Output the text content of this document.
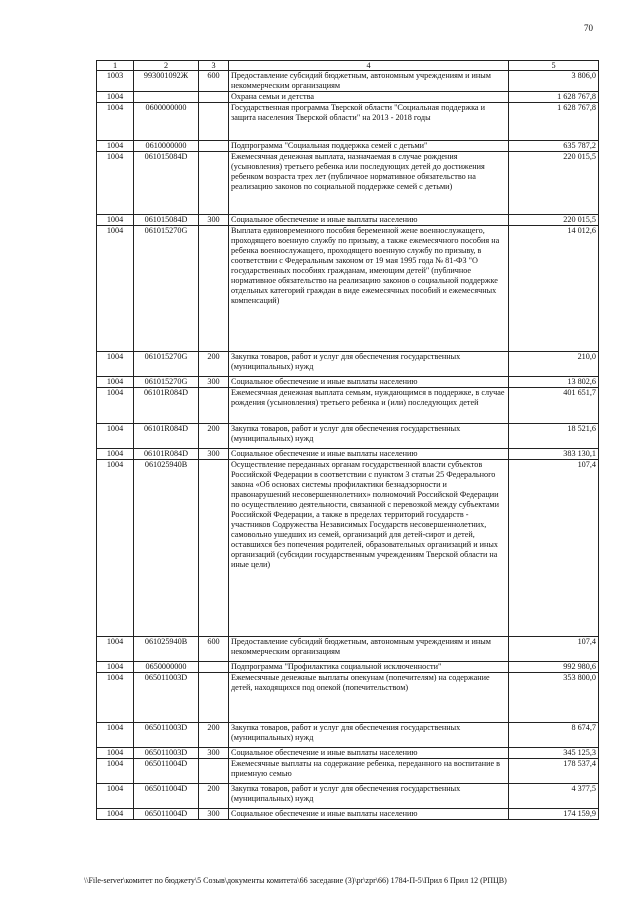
70
1	2	3	4	5
1003	993001092Ж	600	Предоставление субсидий бюджетным, автономным учреждениям и иным некоммерческим организациям	3 806,0
1004			Охрана семьи и детства	1 628 767,8
1004	0600000000		Государственная программа Тверской области "Социальная поддержка и защита населения Тверской области" на 2013 - 2018 годы	1 628 767,8
1004	0610000000		Подпрограмма "Социальная поддержка семей с детьми"	635 787,2
1004	061015084D		Ежемесячная денежная выплата, назначаемая в случае рождения (усыновления) третьего ребенка или последующих детей до достижения ребенком возраста трех лет (публичное нормативное обязательство на реализацию законов по социальной поддержке семей с детьми)	220 015,5
1004	061015084D	300	Социальное обеспечение и иные выплаты населению	220 015,5
1004	061015270G		Выплата единовременного пособия беременной жене военнослужащего, проходящего военную службу по призыву, а также ежемесячного пособия на ребенка военнослужащего, проходящего военную службу по призыву, в соответствии с Федеральным законом от 19 мая 1995 года № 81-ФЗ "О государственных пособиях гражданам, имеющим детей" (публичное нормативное обязательство на реализацию законов о социальной поддержке отдельных категорий граждан в виде ежемесячных пособий и ежемесячных компенсаций)	14 012,6
1004	061015270G	200	Закупка товаров, работ и услуг для обеспечения государственных (муниципальных) нужд	210,0
1004	061015270G	300	Социальное обеспечение и иные выплаты населению	13 802,6
1004	06101R084D		Ежемесячная денежная выплата семьям, нуждающимся в поддержке, в случае рождения (усыновления) третьего ребенка и (или) последующих детей	401 651,7
1004	06101R084D	200	Закупка товаров, работ и услуг для обеспечения государственных (муниципальных) нужд	18 521,6
1004	06101R084D	300	Социальное обеспечение и иные выплаты населению	383 130,1
1004	061025940B		Осуществление переданных органам государственной власти субъектов Российской Федерации в соответствии с пунктом 3 статьи 25 Федерального закона «Об основах системы профилактики безнадзорности и правонарушений несовершеннолетних» полномочий Российской Федерации по осуществлению деятельности, связанной с перевозкой между субъектами Российской Федерации, а также в пределах территорий государств - участников Содружества Независимых Государств несовершеннолетних, самовольно ушедших из семей, организаций для детей-сирот и детей, оставшихся без попечения родителей, образовательных организаций и иных организаций (субсидии государственным учреждениям Тверской области на иные цели)	107,4
1004	061025940B	600	Предоставление субсидий бюджетным, автономным учреждениям и иным некоммерческим организациям	107,4
1004	0650000000		Подпрограмма "Профилактика социальной исключенности"	992 980,6
1004	065011003D		Ежемесячные денежные выплаты опекунам (попечителям) на содержание детей, находящихся под опекой (попечительством)	353 800,0
1004	065011003D	200	Закупка товаров, работ и услуг для обеспечения государственных (муниципальных) нужд	8 674,7
1004	065011003D	300	Социальное обеспечение и иные выплаты населению	345 125,3
1004	065011004D		Ежемесячные выплаты на содержание ребенка, переданного на воспитание в приемную семью	178 537,4
1004	065011004D	200	Закупка товаров, работ и услуг для обеспечения государственных (муниципальных) нужд	4 377,5
1004	065011004D	300	Социальное обеспечение и иные выплаты населению	174 159,9
\\File-server\комитет по бюджету\5 Созыв\документы комитета\66 заседание (3)\pr\zpr\66) 1784-П-5\Прил 6 Прил 12 (РПЦВ)
